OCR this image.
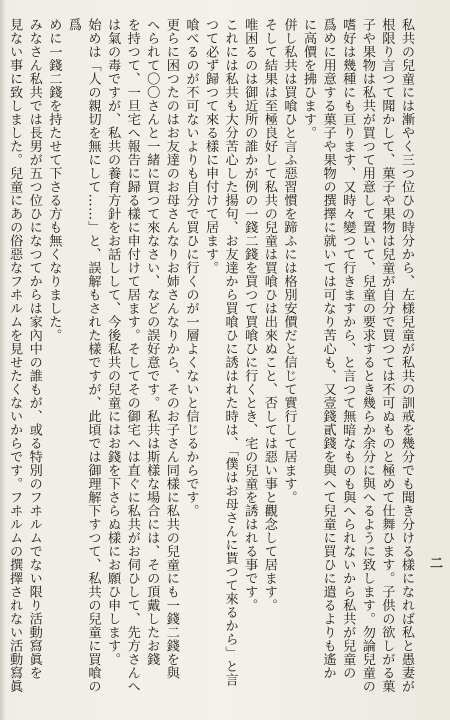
私共の兒童には漸やく三つ位ひの時分から、左様兒童が私共の訓戒を幾分でも聞き分ける樣になれば私と愚妻が
根限り言つて聞かして、菓子や果物は兒童が自分で買つては不可ぬものと極めて仕舞ひます。子供の欲しがる菓
子や果物は私共が買つて用意して置いて、兒童の要求するとき幾らか余分に與へるように致します。勿論兒童の
嗜好は幾種にも亘ります、又時々變つて行きますから、と言つて無暗なものも與へられないから私共が兒童の
爲めに用意する菓子や果物の撰擇に就いては可なり苦心も、又壹錢貳錢を與へて兒童に買ひに遣るよりも遙か
に高價を拂ひます。
併し私共は買喰ひと言ふ惡習慣を蹄ふには格別安價だと信じて實行して居ます。
そして結果は至極良好して私共の兒童は買喰ひは出來ぬこと、否しては惡い事と觀念して居ます。
唯困るのは御近所の誰かが例の一錢二錢を買つて買喰ひに行くとき、宅の兒童を誘はれる事です。
これには私共も大分苦心した揚句、お友達から買喰ひに誘はれた時は、「僕はお母さんに貰つて來るから」と言
つて必ず歸つて來る樣に申付けて居ます。
喰べるのが不可ないよりも自分で買ひに行くのが一層よくないと信じるからです。
更らに困つたのはお友達のお母さんなりお姉さんなりから、そのお子さん同樣に私共の兒童にも一錢二錢を與
へられて〇〇さんと一緒に買つて來なさい、などの誤好意です。私共は斯樣な場合には、その頂戴したお錢
を持つて、一旦宅へ報告に歸る樣に申付けて居ます。そしてその御宅へは直ぐに私共がお伺ひして、先方さんへ
は氣の毒ですが、私共の養育方針をお話しして、今後私共の兒童にはお錢を下さらぬ樣にお願ひ申します。
始めは「人の親切を無にして……」と、誤解もされた樣ですが、此頃では御理解下すつて、私共の兒童に買喰の爲
めに一錢二錢を持たせて下さる方も無くなりました。
みなさん私共では長男が五つ位ひになつてからは家內中の誰もが、或る特別のフヰルムでない限り活動寫眞を
見ない事に致しました。兒童にあの俗惡なフヰルムを見せたくないからです。フヰルムの撰擇されない活動寫眞	二
